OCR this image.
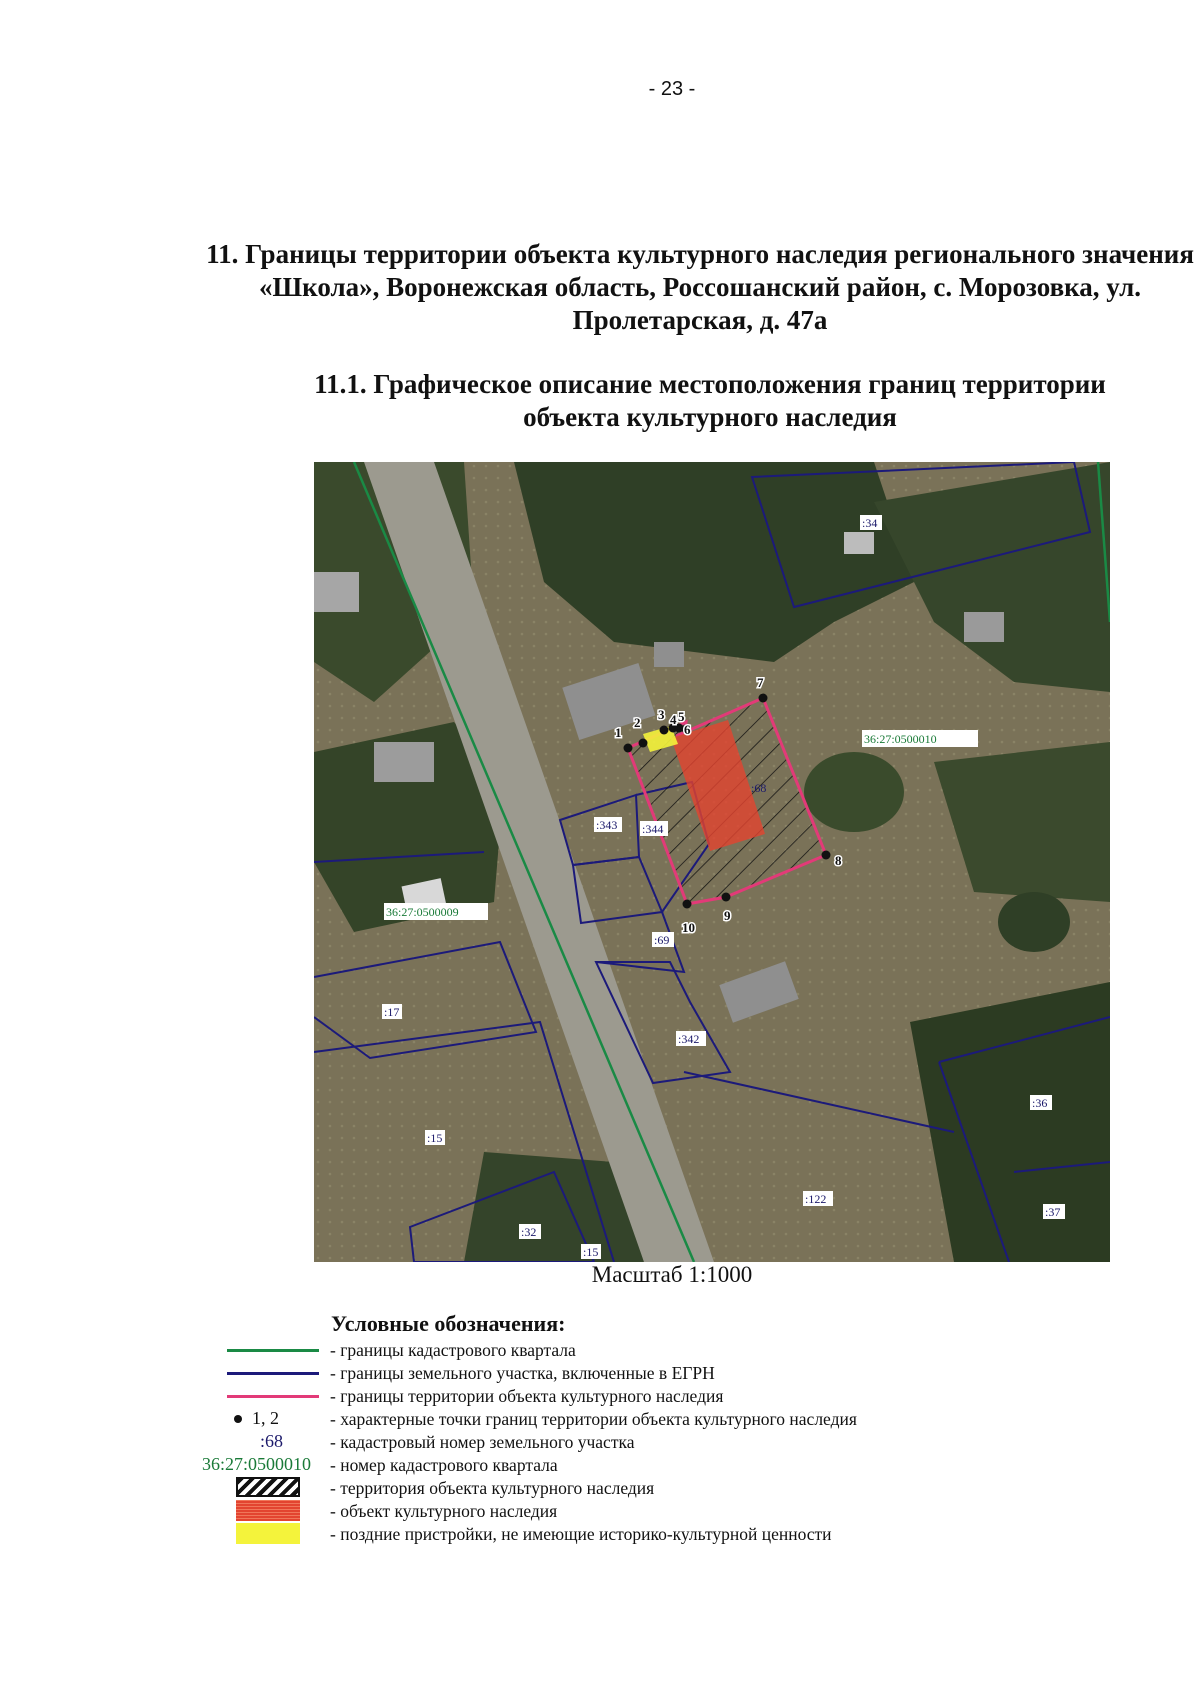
- 23 -
11. Границы территории объекта культурного наследия регионального значения «Школа», Воронежская область, Россошанский район, с. Морозовка, ул. Пролетарская, д. 47а
11.1. Графическое описание местоположения границ территории объекта культурного наследия
1
2
3 4 5
6
7
8
9
10
:34
36:27:0500010
:68
:343 :344
:69
36:27:0500009
:17
:342
:36
:15
:122
:37
:32
:15
Масштаб 1:1000
Условные обозначения:
- границы кадастрового квартала
- границы земельного участка, включенные в ЕГРН
- границы территории объекта культурного наследия
1, 2	- характерные точки границ территории объекта культурного наследия
:68	- кадастровый номер земельного участка
36:27:0500010 - номер кадастрового квартала
- территория объекта культурного наследия
- объект культурного наследия
- поздние пристройки, не имеющие историко-культурной ценности
